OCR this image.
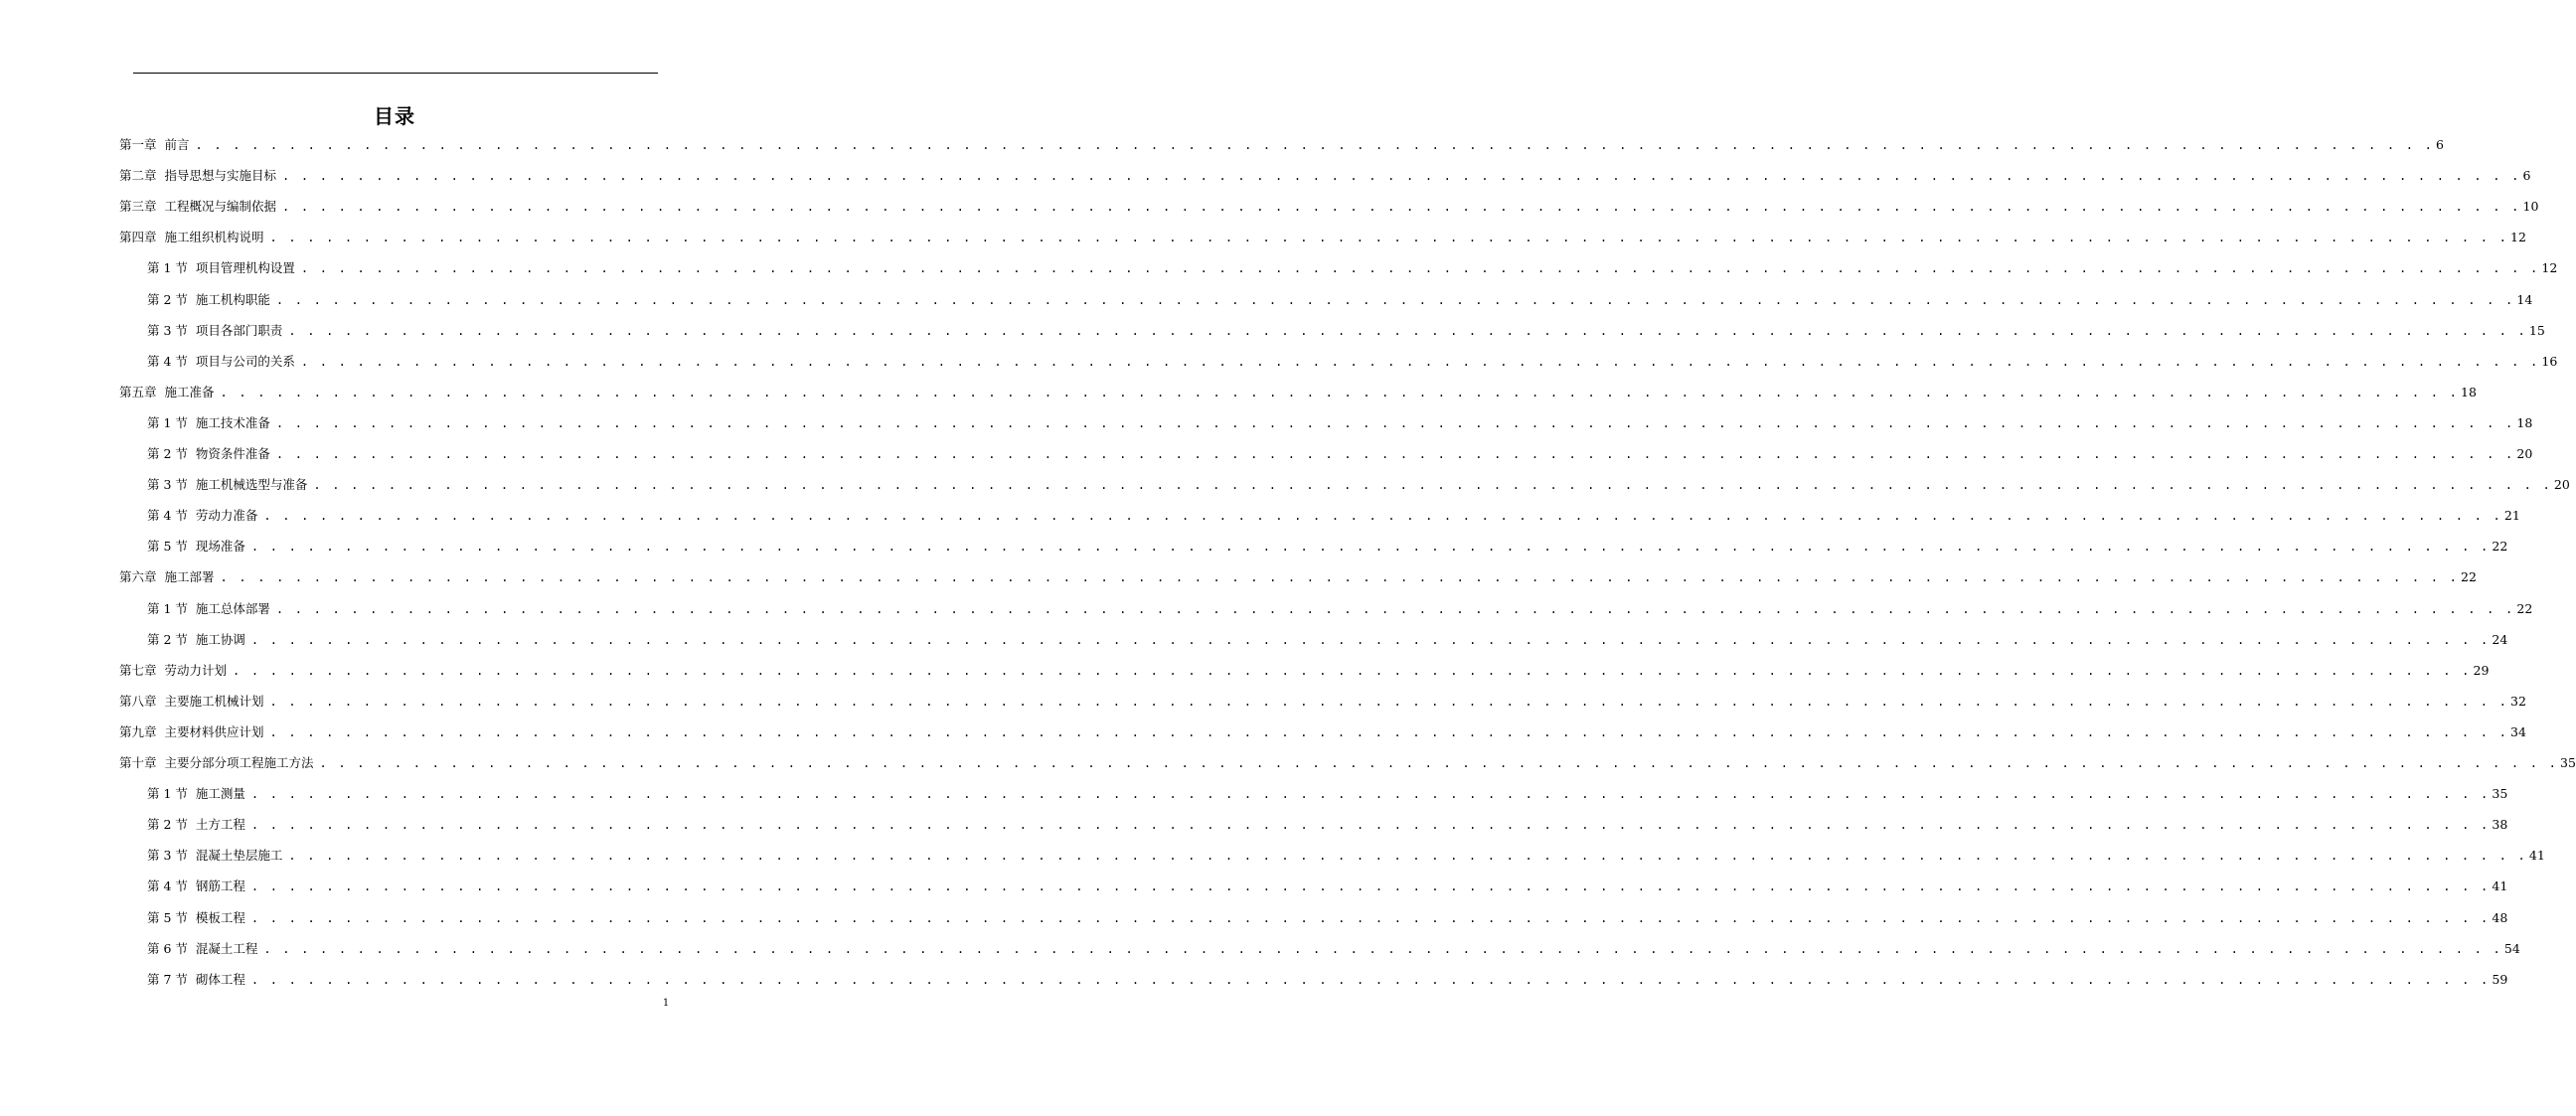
目录
第一章 前言 . . . . . . . . . . . . . . . . . . . . . . . . . . . . . . . . . . . . . . . . . . . . . . . . . . . . . . . . . . . . . . . . . . . . . . . . . . . . . . . . . . . . . . . . . . . . . . . . . . . . . . . . . . . . . . . . . . . . . . . . 6
第二章 指导思想与实施目标 . . . . . . . . . . . . . . . . . . . . . . . . . . . . . . . . . . . . . . . . . . . . . . . . . . . . . . . . . . . . . . . . . . . . . . . . . . . . . . . . . . . . . . . . . . . . . . . . . . . . . . . . . . . . . . . . . . . . . . . . 6
第三章 工程概况与编制依据 . . . . . . . . . . . . . . . . . . . . . . . . . . . . . . . . . . . . . . . . . . . . . . . . . . . . . . . . . . . . . . . . . . . . . . . . . . . . . . . . . . . . . . . . . . . . . . . . . . . . . . . . . . . . . . . . . . . . . . . . 10
第四章 施工组织机构说明 . . . . . . . . . . . . . . . . . . . . . . . . . . . . . . . . . . . . . . . . . . . . . . . . . . . . . . . . . . . . . . . . . . . . . . . . . . . . . . . . . . . . . . . . . . . . . . . . . . . . . . . . . . . . . . . . . . . . . . . . 12
第 1 节 项目管理机构设置 . . . . . . . . . . . . . . . . . . . . . . . . . . . . . . . . . . . . . . . . . . . . . . . . . . . . . . . . . . . . . . . . . . . . . . . . . . . . . . . . . . . . . . . . . . . . . . . . . . . . . . . . . . . . . . . . . . . . . . . . 12
第 2 节 施工机构职能 . . . . . . . . . . . . . . . . . . . . . . . . . . . . . . . . . . . . . . . . . . . . . . . . . . . . . . . . . . . . . . . . . . . . . . . . . . . . . . . . . . . . . . . . . . . . . . . . . . . . . . . . . . . . . . . . . . . . . . . . 14
第 3 节 项目各部门职责 . . . . . . . . . . . . . . . . . . . . . . . . . . . . . . . . . . . . . . . . . . . . . . . . . . . . . . . . . . . . . . . . . . . . . . . . . . . . . . . . . . . . . . . . . . . . . . . . . . . . . . . . . . . . . . . . . . . . . . . . 15
第 4 节 项目与公司的关系 . . . . . . . . . . . . . . . . . . . . . . . . . . . . . . . . . . . . . . . . . . . . . . . . . . . . . . . . . . . . . . . . . . . . . . . . . . . . . . . . . . . . . . . . . . . . . . . . . . . . . . . . . . . . . . . . . . . . . . . . 16
第五章 施工准备 . . . . . . . . . . . . . . . . . . . . . . . . . . . . . . . . . . . . . . . . . . . . . . . . . . . . . . . . . . . . . . . . . . . . . . . . . . . . . . . . . . . . . . . . . . . . . . . . . . . . . . . . . . . . . . . . . . . . . . . . 18
第 1 节 施工技术准备 . . . . . . . . . . . . . . . . . . . . . . . . . . . . . . . . . . . . . . . . . . . . . . . . . . . . . . . . . . . . . . . . . . . . . . . . . . . . . . . . . . . . . . . . . . . . . . . . . . . . . . . . . . . . . . . . . . . . . . . . 18
第 2 节 物资条件准备 . . . . . . . . . . . . . . . . . . . . . . . . . . . . . . . . . . . . . . . . . . . . . . . . . . . . . . . . . . . . . . . . . . . . . . . . . . . . . . . . . . . . . . . . . . . . . . . . . . . . . . . . . . . . . . . . . . . . . . . . 20
第 3 节 施工机械选型与准备 . . . . . . . . . . . . . . . . . . . . . . . . . . . . . . . . . . . . . . . . . . . . . . . . . . . . . . . . . . . . . . . . . . . . . . . . . . . . . . . . . . . . . . . . . . . . . . . . . . . . . . . . . . . . . . . . . . . . . . . . 20
第 4 节 劳动力准备 . . . . . . . . . . . . . . . . . . . . . . . . . . . . . . . . . . . . . . . . . . . . . . . . . . . . . . . . . . . . . . . . . . . . . . . . . . . . . . . . . . . . . . . . . . . . . . . . . . . . . . . . . . . . . . . . . . . . . . . . 21
第 5 节 现场准备 . . . . . . . . . . . . . . . . . . . . . . . . . . . . . . . . . . . . . . . . . . . . . . . . . . . . . . . . . . . . . . . . . . . . . . . . . . . . . . . . . . . . . . . . . . . . . . . . . . . . . . . . . . . . . . . . . . . . . . . . 22
第六章 施工部署 . . . . . . . . . . . . . . . . . . . . . . . . . . . . . . . . . . . . . . . . . . . . . . . . . . . . . . . . . . . . . . . . . . . . . . . . . . . . . . . . . . . . . . . . . . . . . . . . . . . . . . . . . . . . . . . . . . . . . . . . 22
第 1 节 施工总体部署 . . . . . . . . . . . . . . . . . . . . . . . . . . . . . . . . . . . . . . . . . . . . . . . . . . . . . . . . . . . . . . . . . . . . . . . . . . . . . . . . . . . . . . . . . . . . . . . . . . . . . . . . . . . . . . . . . . . . . . . . 22
第 2 节 施工协调 . . . . . . . . . . . . . . . . . . . . . . . . . . . . . . . . . . . . . . . . . . . . . . . . . . . . . . . . . . . . . . . . . . . . . . . . . . . . . . . . . . . . . . . . . . . . . . . . . . . . . . . . . . . . . . . . . . . . . . . . 24
第七章 劳动力计划 . . . . . . . . . . . . . . . . . . . . . . . . . . . . . . . . . . . . . . . . . . . . . . . . . . . . . . . . . . . . . . . . . . . . . . . . . . . . . . . . . . . . . . . . . . . . . . . . . . . . . . . . . . . . . . . . . . . . . . . . 29
第八章 主要施工机械计划 . . . . . . . . . . . . . . . . . . . . . . . . . . . . . . . . . . . . . . . . . . . . . . . . . . . . . . . . . . . . . . . . . . . . . . . . . . . . . . . . . . . . . . . . . . . . . . . . . . . . . . . . . . . . . . . . . . . . . . . . 32
第九章 主要材料供应计划 . . . . . . . . . . . . . . . . . . . . . . . . . . . . . . . . . . . . . . . . . . . . . . . . . . . . . . . . . . . . . . . . . . . . . . . . . . . . . . . . . . . . . . . . . . . . . . . . . . . . . . . . . . . . . . . . . . . . . . . . 34
第十章 主要分部分项工程施工方法 . . . . . . . . . . . . . . . . . . . . . . . . . . . . . . . . . . . . . . . . . . . . . . . . . . . . . . . . . . . . . . . . . . . . . . . . . . . . . . . . . . . . . . . . . . . . . . . . . . . . . . . . . . . . . . . . . . . . . . . . 35
第 1 节 施工测量 . . . . . . . . . . . . . . . . . . . . . . . . . . . . . . . . . . . . . . . . . . . . . . . . . . . . . . . . . . . . . . . . . . . . . . . . . . . . . . . . . . . . . . . . . . . . . . . . . . . . . . . . . . . . . . . . . . . . . . . . 35
第 2 节 土方工程 . . . . . . . . . . . . . . . . . . . . . . . . . . . . . . . . . . . . . . . . . . . . . . . . . . . . . . . . . . . . . . . . . . . . . . . . . . . . . . . . . . . . . . . . . . . . . . . . . . . . . . . . . . . . . . . . . . . . . . . . 38
第 3 节 混凝土垫层施工 . . . . . . . . . . . . . . . . . . . . . . . . . . . . . . . . . . . . . . . . . . . . . . . . . . . . . . . . . . . . . . . . . . . . . . . . . . . . . . . . . . . . . . . . . . . . . . . . . . . . . . . . . . . . . . . . . . . . . . . . 41
第 4 节 钢筋工程 . . . . . . . . . . . . . . . . . . . . . . . . . . . . . . . . . . . . . . . . . . . . . . . . . . . . . . . . . . . . . . . . . . . . . . . . . . . . . . . . . . . . . . . . . . . . . . . . . . . . . . . . . . . . . . . . . . . . . . . . 41
第 5 节 模板工程 . . . . . . . . . . . . . . . . . . . . . . . . . . . . . . . . . . . . . . . . . . . . . . . . . . . . . . . . . . . . . . . . . . . . . . . . . . . . . . . . . . . . . . . . . . . . . . . . . . . . . . . . . . . . . . . . . . . . . . . . 48
第 6 节 混凝土工程 . . . . . . . . . . . . . . . . . . . . . . . . . . . . . . . . . . . . . . . . . . . . . . . . . . . . . . . . . . . . . . . . . . . . . . . . . . . . . . . . . . . . . . . . . . . . . . . . . . . . . . . . . . . . . . . . . . . . . . . . 54
第 7 节 砌体工程 . . . . . . . . . . . . . . . . . . . . . . . . . . . . . . . . . . . . . . . . . . . . . . . . . . . . . . . . . . . . . . . . . . . . . . . . . . . . . . . . . . . . . . . . . . . . . . . . . . . . . . . . . . . . . . . . . . . . . . . . 59
1
